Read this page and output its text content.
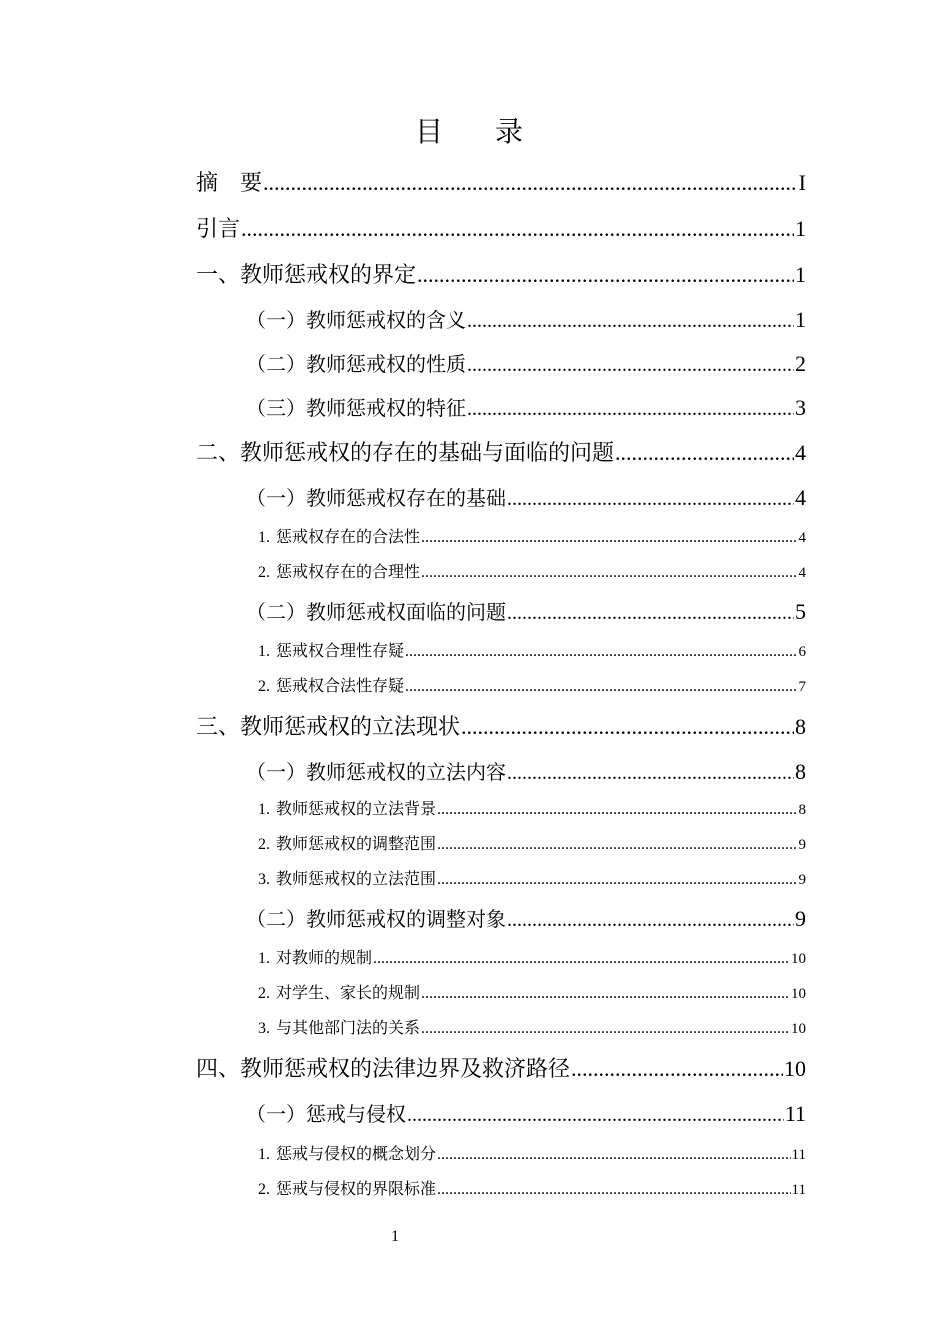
目录
摘　要 .....	I
引言 .....	1
一、教师惩戒权的界定 .....	1
（一）教师惩戒权的含义 .....	1
（二）教师惩戒权的性质 .....	2
（三）教师惩戒权的特征 .....	3
二、教师惩戒权的存在的基础与面临的问题 .....	4
（一）教师惩戒权存在的基础 .....	4
1. 惩戒权存在的合法性 .....	4
2. 惩戒权存在的合理性 .....	4
（二）教师惩戒权面临的问题 .....	5
1. 惩戒权合理性存疑 .....	6
2. 惩戒权合法性存疑 .....	7
三、教师惩戒权的立法现状 .....	8
（一）教师惩戒权的立法内容 .....	8
1. 教师惩戒权的立法背景 .....	8
2. 教师惩戒权的调整范围 .....	9
3. 教师惩戒权的立法范围 .....	9
（二）教师惩戒权的调整对象 .....	9
1. 对教师的规制 .....	10
2. 对学生、家长的规制 .....	10
3. 与其他部门法的关系 .....	10
四、教师惩戒权的法律边界及救济路径 .....	10
（一）惩戒与侵权 .....	11
1. 惩戒与侵权的概念划分 .....	11
2. 惩戒与侵权的界限标准 .....	11
1
